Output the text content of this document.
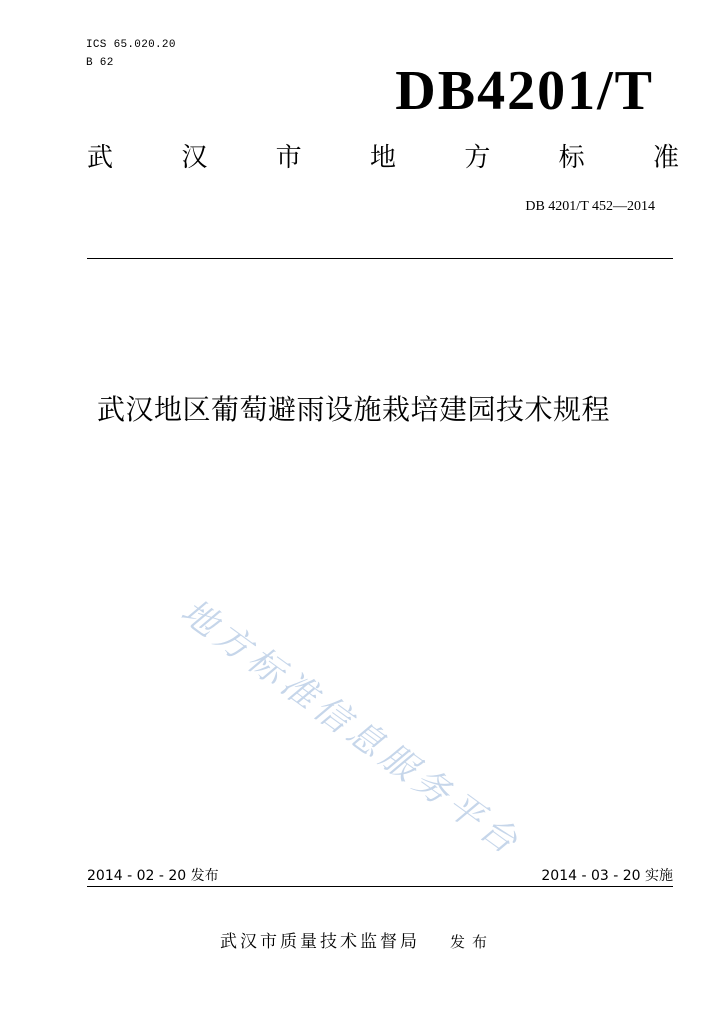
ICS 65.020.20
B 62	DB4201/T
武	汉	市	地	方	标	准
DB 4201/T 452—2014
武汉地区葡萄避雨设施栽培建园技术规程
地方标准信息服务平台
2014 - 02 - 20 发布	2014 - 03 - 20 实施
武汉市质量技术监督局 发布
